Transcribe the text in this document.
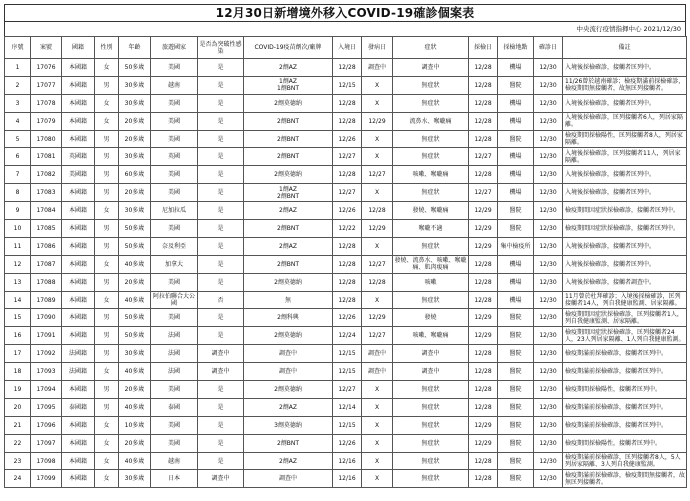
12月30日新增境外移入COVID-19確診個案表
中央流行疫情指揮中心 2021/12/30
序號	案號	國籍	性別	年齡	旅遊國家	是否為突破性感染	COVID-19疫苗劑次/廠牌	入境日	發病日	症狀	採檢日	採檢地點	確診日	備註
1	17076	本國籍	女	50多歲	美國	是	2劑AZ	12/28	調查中	調查中	12/28	機場	12/30	入境後採檢確診，接觸者匡列中。
2	17077	本國籍	男	30多歲	越南	是	1劑AZ
1劑BNT	12/15	X	無症狀	12/28	醫院	12/30	11/26曾於越南確診；檢疫期滿前採檢確診，檢疫期間無接觸者，故無匡列接觸者。
3	17078	本國籍	女	30多歲	美國	是	2劑莫德納	12/28	X	無症狀	12/28	機場	12/30	入境後採檢確診，接觸者匡列中。
4	17079	本國籍	女	20多歲	美國	是	2劑BNT	12/28	12/29	流鼻水、喉嚨痛	12/28	機場	12/30	入境後採檢確診，匡列接觸者6人，列居家隔離。
5	17080	本國籍	男	20多歲	美國	是	2劑BNT	12/26	X	無症狀	12/28	醫院	12/30	檢疫期間採檢陽性，匡列接觸者8人，列居家隔離。
6	17081	英國籍	男	30多歲	英國	是	2劑BNT	12/27	X	無症狀	12/27	機場	12/30	入境後採檢確診，匡列接觸者11人，列居家隔離。
7	17082	美國籍	男	60多歲	美國	是	2劑莫德納	12/28	12/27	咳嗽、喉嚨痛	12/28	機場	12/30	入境後採檢確診，接觸者匡列中。
8	17083	本國籍	男	20多歲	美國	是	1劑AZ
2劑BNT	12/27	X	無症狀	12/27	機場	12/30	入境後採檢確診，接觸者匡列中。
9	17084	本國籍	女	30多歲	尼加拉瓜	是	2劑AZ	12/26	12/28	發燒、喉嚨痛	12/29	醫院	12/30	檢疫期間因症狀採檢確診，接觸者匡列中。
10	17085	本國籍	男	50多歲	美國	是	2劑BNT	12/22	12/29	喉嚨不適	12/29	醫院	12/30	檢疫期間因症狀採檢確診，接觸者匡列中。
11	17086	本國籍	男	50多歲	奈及利亞	是	2劑AZ	12/28	X	無症狀	12/29	集中檢疫所	12/30	入境後採檢確診，接觸者匡列中。
12	17087	本國籍	女	40多歲	加拿大	是	2劑BNT	12/28	12/27	發燒、流鼻水、咳嗽、喉嚨痛、肌肉痠痛	12/28	機場	12/30	入境後採檢確診，接觸者匡列中。
13	17088	本國籍	男	20多歲	美國	是	2劑莫德納	12/28	12/28	咳嗽	12/28	機場	12/30	入境後採檢確診，接觸者調查中。
14	17089	本國籍	女	40多歲	阿拉伯聯合大公國	否	無	12/28	X	無症狀	12/28	機場	12/30	11月曾於杜拜確診；入境後採檢確診，匡列接觸者14人，列自我健康監測、居家隔離。
15	17090	本國籍	男	50多歲	美國	是	2劑科興	12/26	12/29	發燒	12/29	醫院	12/30	檢疫期間因症狀採檢確診，匡列接觸者1人，列自我健康監測、居家隔離。
16	17091	本國籍	男	50多歲	法國	是	2劑莫德納	12/24	12/27	咳嗽、喉嚨痛	12/29	醫院	12/30	檢疫期間因症狀採檢確診，匡列接觸者24人，23人列居家隔離、1人列自我健康監測。
17	17092	法國籍	男	30多歲	法國	調查中	調查中	12/15	調查中	調查中	12/28	醫院	12/30	檢疫期滿前採檢確診，接觸者匡列中。
18	17093	法國籍	女	40多歲	法國	調查中	調查中	12/15	調查中	調查中	12/28	醫院	12/30	檢疫期滿前採檢確診，接觸者匡列中。
19	17094	本國籍	男	20多歲	美國	是	2劑莫德納	12/27	X	無症狀	12/28	醫院	12/30	檢疫期間採檢陽性，接觸者匡列中。
20	17095	泰國籍	男	40多歲	泰國	是	2劑AZ	12/14	X	無症狀	12/28	醫院	12/30	檢疫期滿前採檢確診，接觸者匡列中。
21	17096	本國籍	女	10多歲	美國	是	3劑莫德納	12/15	X	無症狀	12/29	醫院	12/30	檢疫期滿前採檢確診，接觸者匡列中。
22	17097	本國籍	女	20多歲	美國	是	2劑BNT	12/26	X	無症狀	12/29	醫院	12/30	檢疫期間採檢陽性，接觸者匡列中。
23	17098	本國籍	女	40多歲	越南	是	2劑AZ	12/16	X	無症狀	12/28	醫院	12/30	檢疫期滿前採檢確診，匡列接觸者8人，5人列居家隔離、3人列自我健康監測。
24	17099	本國籍	女	30多歲	日本	調查中	調查中	12/16	X	無症狀	12/28	醫院	12/30	檢疫期滿前採檢確診，檢疫期間無接觸者，故無匡列接觸者。
